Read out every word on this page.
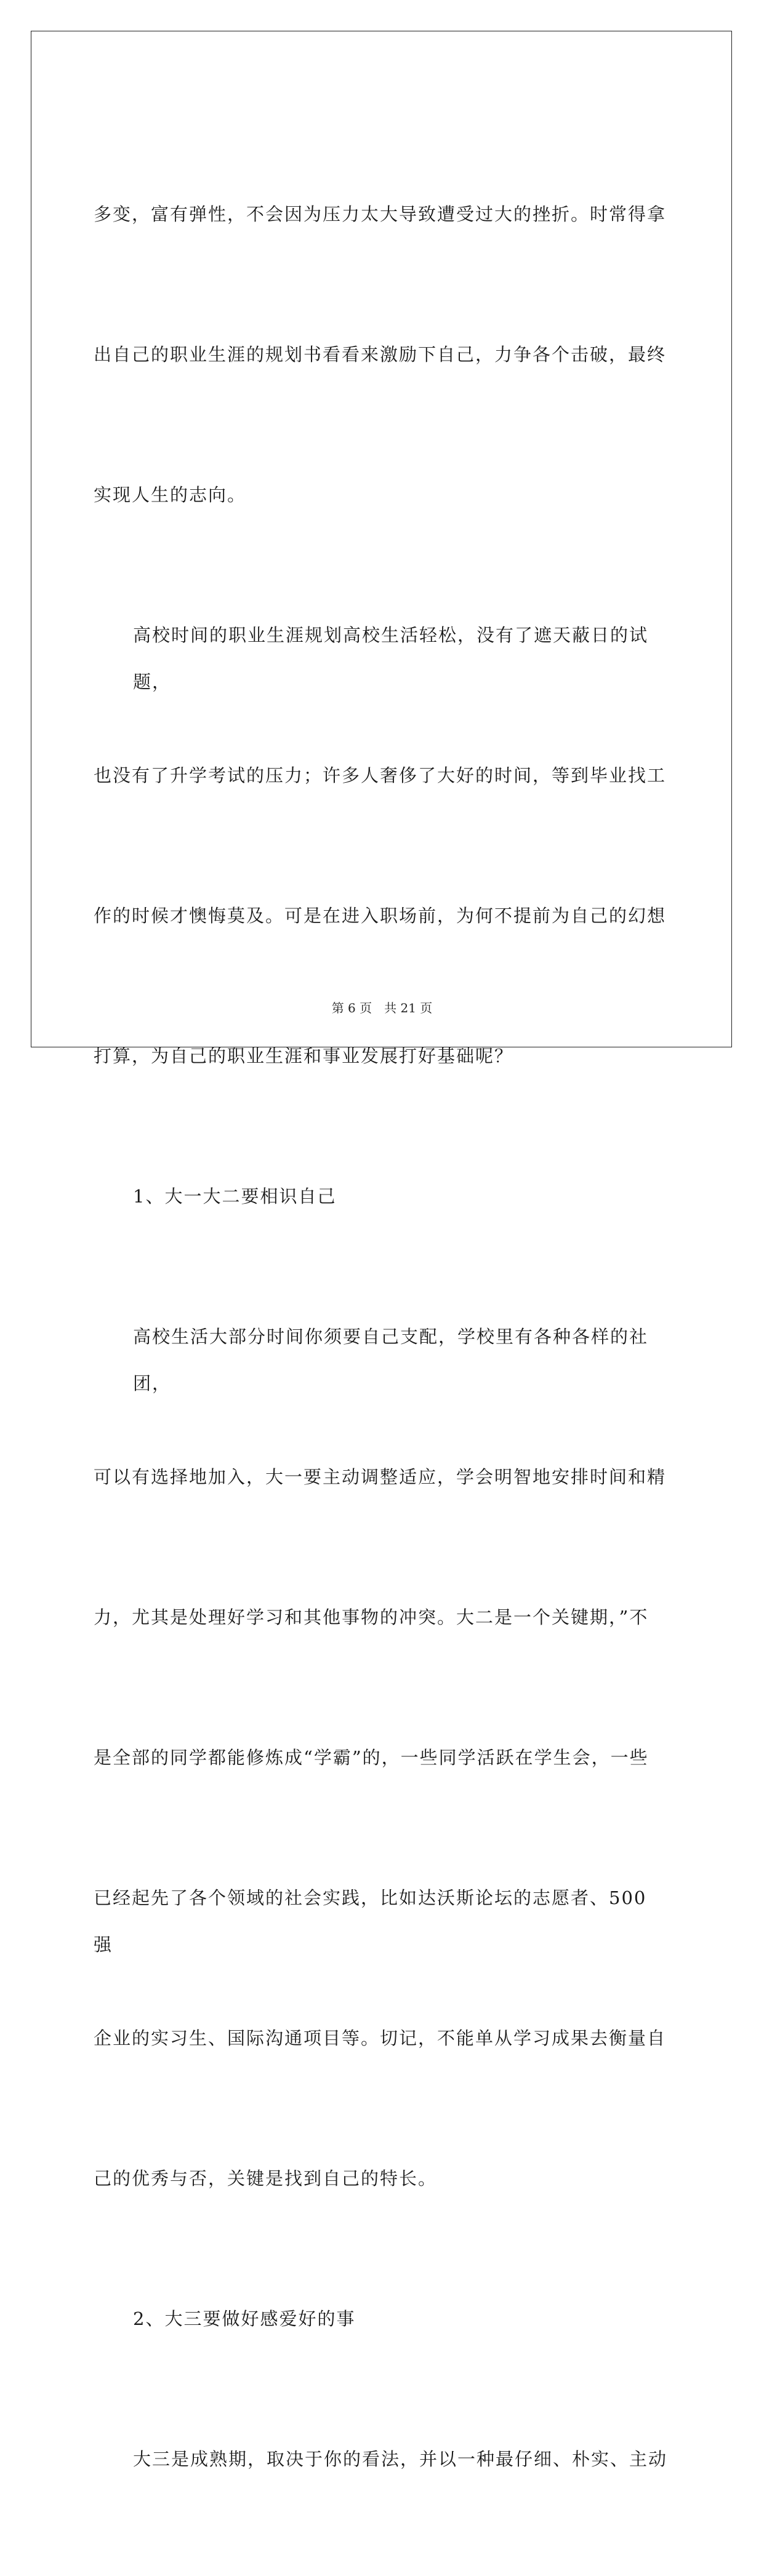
多变，富有弹性，不会因为压力太大导致遭受过大的挫折。时常得拿

出自己的职业生涯的规划书看看来激励下自己，力争各个击破，最终

实现人生的志向。

高校时间的职业生涯规划高校生活轻松，没有了遮天蔽日的试题，

也没有了升学考试的压力；许多人奢侈了大好的时间，等到毕业找工

作的时候才懊悔莫及。可是在进入职场前，为何不提前为自己的幻想

打算，为自己的职业生涯和事业发展打好基础呢？

1、大一大二要相识自己

高校生活大部分时间你须要自己支配，学校里有各种各样的社团，

可以有选择地加入，大一要主动调整适应，学会明智地安排时间和精

力，尤其是处理好学习和其他事物的冲突。大二是一个关键期，”不

是全部的同学都能修炼成“学霸”的，一些同学活跃在学生会，一些

已经起先了各个领域的社会实践，比如达沃斯论坛的志愿者、500 强

企业的实习生、国际沟通项目等。切记，不能单从学习成果去衡量自

己的优秀与否，关键是找到自己的特长。

2、大三要做好感爱好的事

大三是成熟期，取决于你的看法，并以一种最仔细、朴实、主动

第 6 页　共 21 页
